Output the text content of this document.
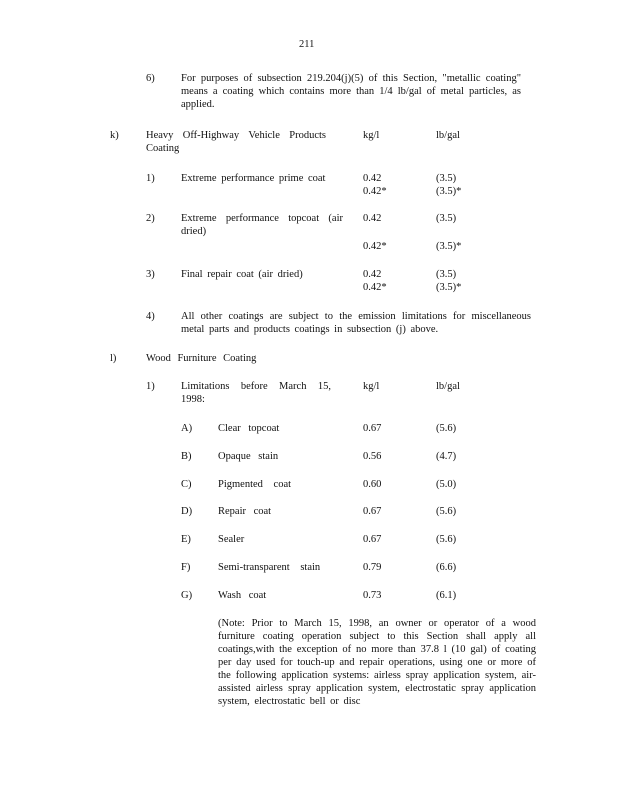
211
6)	For purposes of subsection 219.204(j)(5) of this Section, "metallic coating" means a coating which contains more than 1/4 lb/gal of metal particles, as applied.
k)	Heavy Off-Highway Vehicle Products Coating
kg/l	lb/gal
1)	Extreme performance prime coat	0.42	(3.5)
0.42*	(3.5)*
2)	Extreme performance topcoat (air dried)
0.42	(3.5)
0.42*	(3.5)*
3)	Final repair coat (air dried)	0.42	(3.5)
0.42*	(3.5)*
4)	All other coatings are subject to the emission limitations for miscellaneous metal parts and products coatings in subsection (j) above.
l)	Wood Furniture Coating
1)	Limitations before March 15, 1998:
kg/l	lb/gal
A) Clear topcoat	0.67	(5.6)
B)	Opaque stain	0.56	(4.7)
C)	Pigmented coat	0.60	(5.0)
D) Repair coat	0.67	(5.6)
E)	Sealer	0.67	(5.6)
F)	Semi-transparent stain	0.79	(6.6)
G) Wash coat	0.73	(6.1)
(Note: Prior to March 15, 1998, an owner or operator of a wood furniture coating operation subject to this Section shall apply all coatings,with the exception of no more than 37.8 l (10 gal) of coating per day used for touch-up and repair operations, using one or more of the following application systems: airless spray application system, air-assisted airless spray application system, electrostatic spray application system, electrostatic bell or disc
